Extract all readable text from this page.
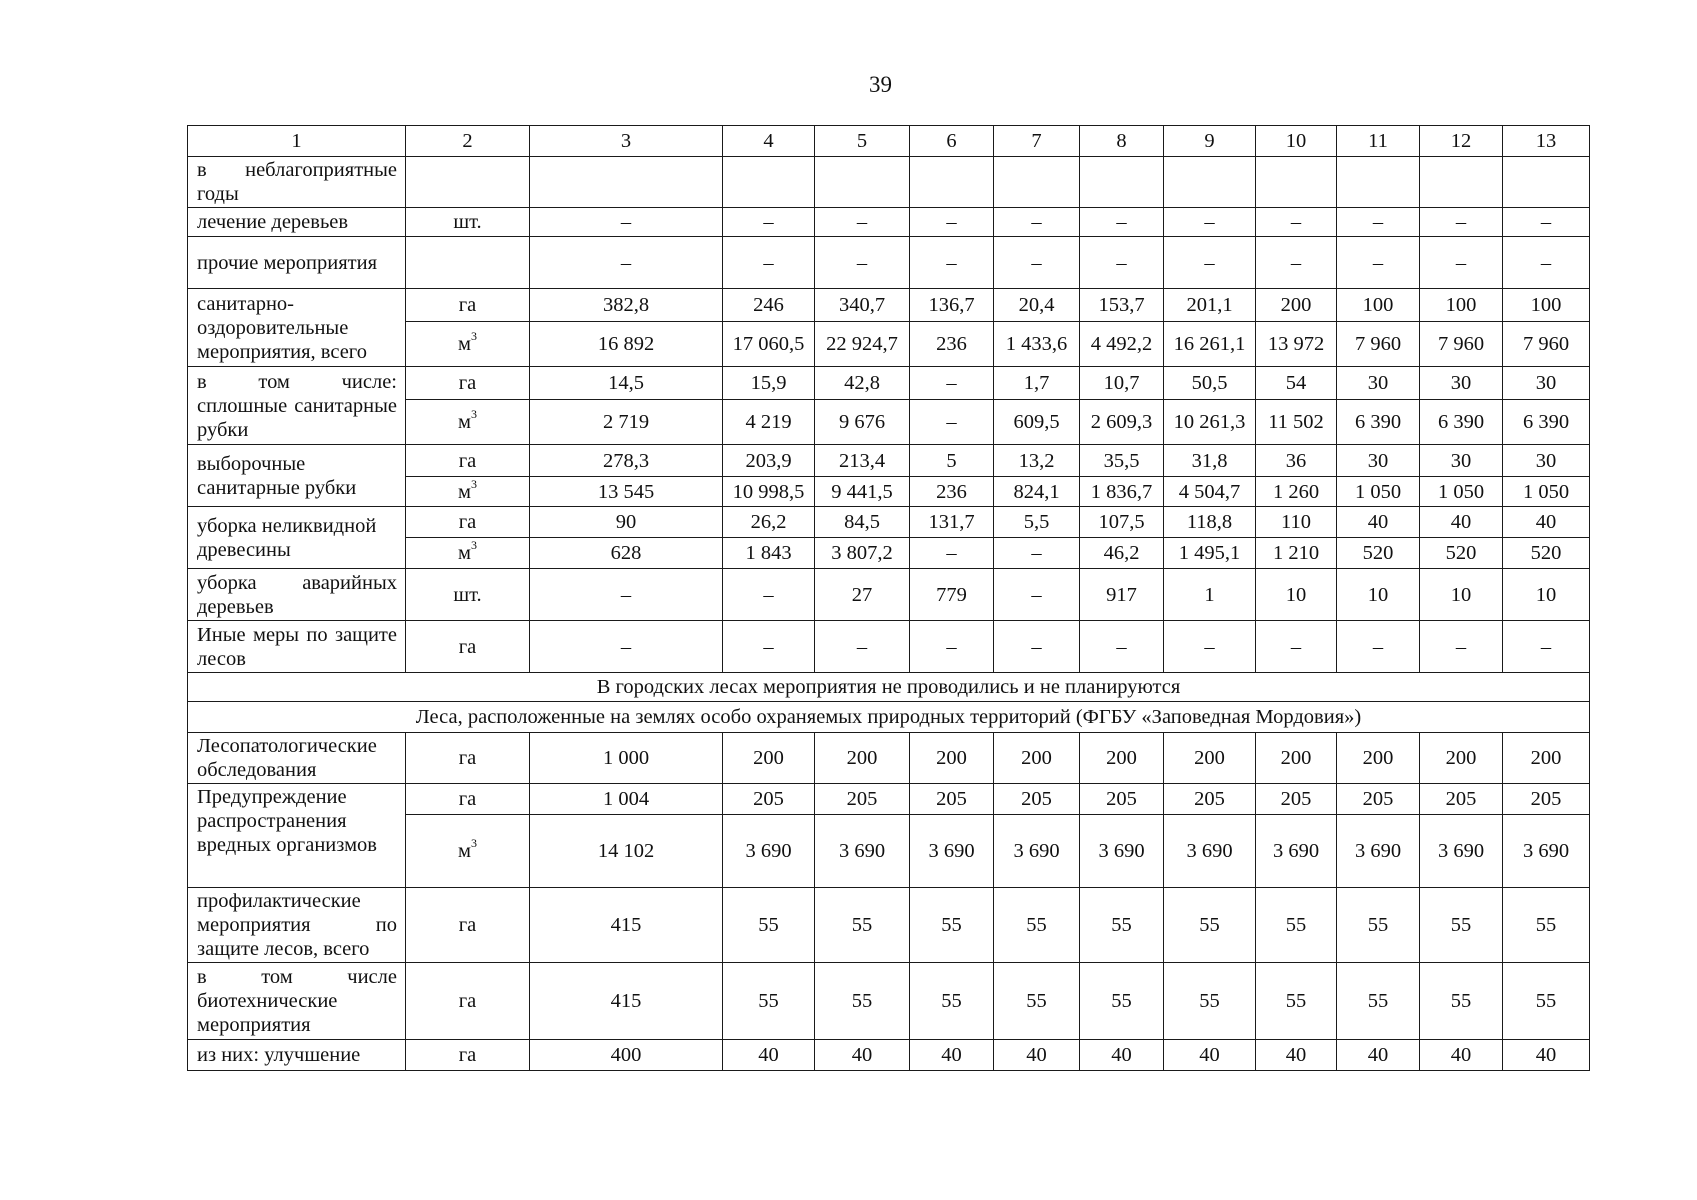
39
1	2	3	4	5	6	7	8	9	10	11	12	13
в неблагоприятные годы												
лечение деревьев	шт.	–	–	–	–	–	–	–	–	–	–	–
прочие мероприятия		–	–	–	–	–	–	–	–	–	–	–
санитарно-оздоровительные мероприятия, всего	га	382,8	246	340,7	136,7	20,4	153,7	201,1	200	100	100	100
	$м^3$	16 892	17 060,5	22 924,7	236	1 433,6	4 492,2	16 261,1	13 972	7 960	7 960	7 960
в том числе: сплошные санитарные рубки	га	14,5	15,9	42,8	–	1,7	10,7	50,5	54	30	30	30
	$м^3$	2 719	4 219	9 676	–	609,5	2 609,3	10 261,3	11 502	6 390	6 390	6 390
выборочные санитарные рубки	га	278,3	203,9	213,4	5	13,2	35,5	31,8	36	30	30	30
	$м^3$	13 545	10 998,5	9 441,5	236	824,1	1 836,7	4 504,7	1 260	1 050	1 050	1 050
уборка неликвидной древесины	га	90	26,2	84,5	131,7	5,5	107,5	118,8	110	40	40	40
	$м^3$	628	1 843	3 807,2	–	–	46,2	1 495,1	1 210	520	520	520
уборка аварийных деревьев	шт.	–	–	27	779	–	917	1	10	10	10	10
Иные меры по защите лесов	га	–	–	–	–	–	–	–	–	–	–	–
В городских лесах мероприятия не проводились и не планируются												
Леса, расположенные на землях особо охраняемых природных территорий (ФГБУ «Заповедная Мордовия»)												
Лесопатологические обследования	га	1 000	200	200	200	200	200	200	200	200	200	200
Предупреждение распространения вредных организмов	га	1 004	205	205	205	205	205	205	205	205	205	205
	$м^3$	14 102	3 690	3 690	3 690	3 690	3 690	3 690	3 690	3 690	3 690	3 690
профилактические мероприятия по защите лесов, всего	га	415	55	55	55	55	55	55	55	55	55	55
в том числе биотехнические мероприятия	га	415	55	55	55	55	55	55	55	55	55	55
из них: улучшение	га	400	40	40	40	40	40	40	40	40	40	40
